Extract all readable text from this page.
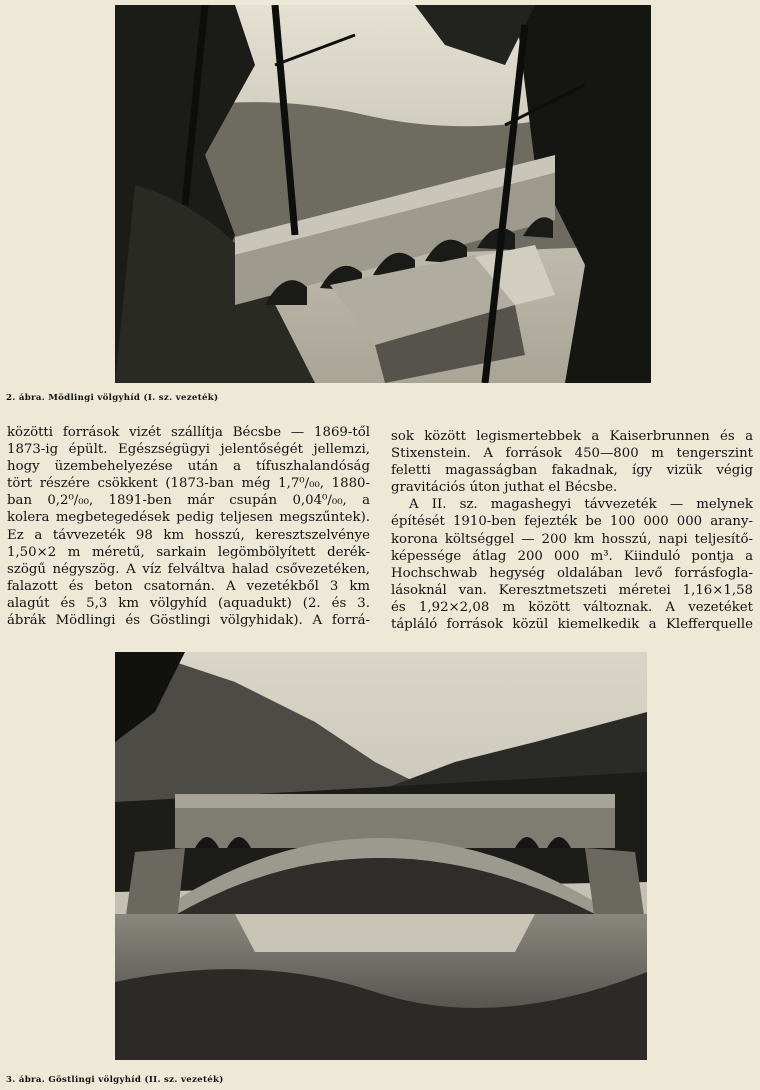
2. ábra. Mödlingi völgyhíd (I. sz. vezeték)
közötti források vizét szállítja Bécsbe — 1869-től
1873-ig épült. Egészségügyi jelentőségét jellemzi,
hogy üzembehelyezése után a tífuszhalandóság
tört részére csökkent (1873-ban még 1,7⁰/₀₀, 1880-
ban 0,2⁰/₀₀, 1891-ben már csupán 0,04⁰/₀₀, a
kolera megbetegedések pedig teljesen megszűntek).
Ez a távvezeték 98 km hosszú, keresztszelvénye
1,50×2 m méretű, sarkain legömbölyített derék-
szögű négyszög. A víz felváltva halad csővezetéken,
falazott és beton csatornán. A vezetékből 3 km
alagút és 5,3 km völgyhíd (aquadukt) (2. és 3.
ábrák Mödlingi és Göstlingi völgyhidak). A forrá-
sok között legismertebbek a Kaiserbrunnen és a
Stixenstein. A források 450—800 m tengerszint
feletti magasságban fakadnak, így vizük végig
gravitációs úton juthat el Bécsbe.
A II. sz. magashegyi távvezeték — melynek
építését 1910-ben fejezték be 100 000 000 arany-
korona költséggel — 200 km hosszú, napi teljesítő-
képessége átlag 200 000 m³. Kiinduló pontja a
Hochschwab hegység oldalában levő forrásfogla-
lásoknál van. Keresztmetszeti méretei 1,16×1,58
és 1,92×2,08 m között változnak. A vezetéket
tápláló források közül kiemelkedik a Klefferquelle
3. ábra. Göstlingi völgyhíd (II. sz. vezeték)
